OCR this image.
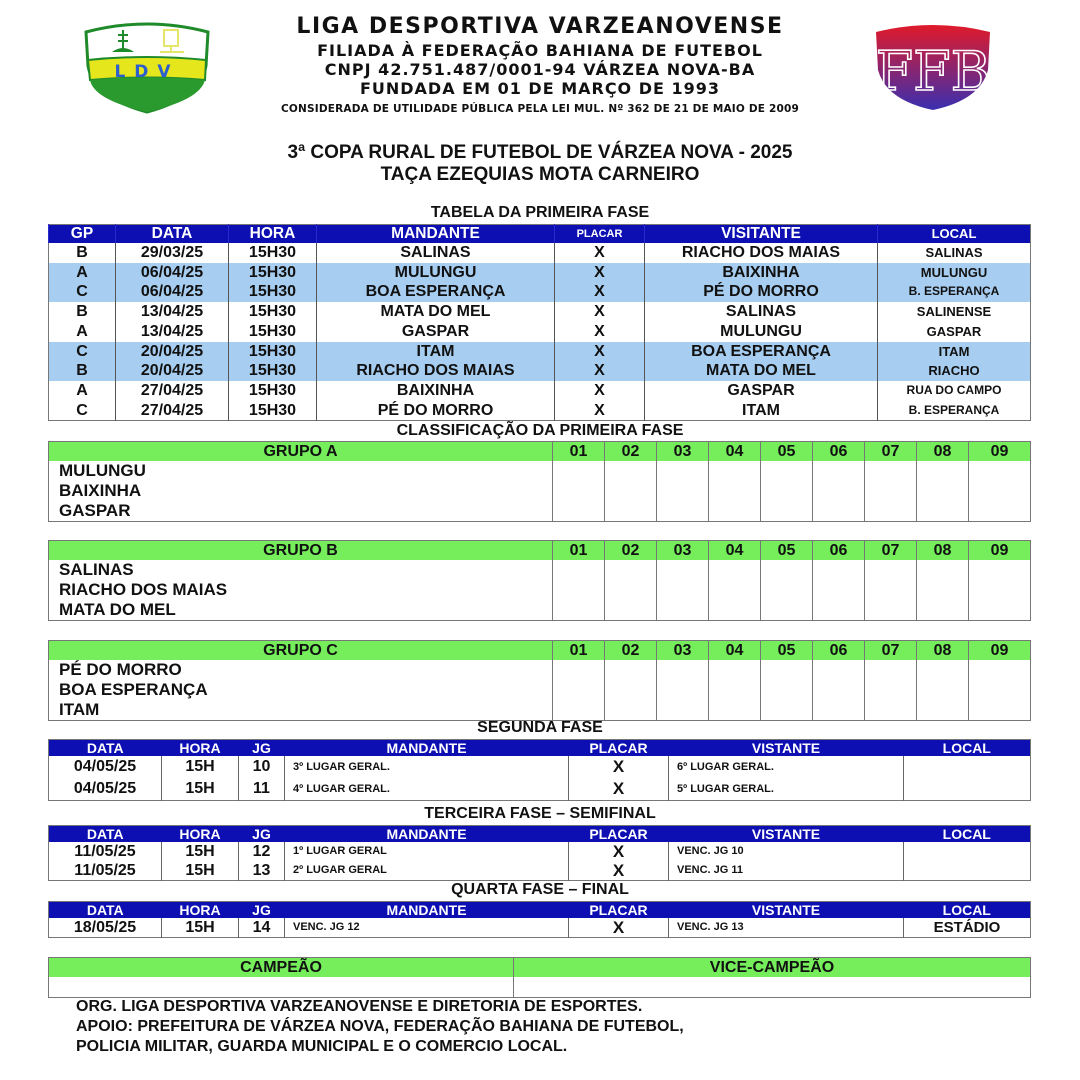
LDV	FFB
LIGA DESPORTIVA VARZEANOVENSE
FILIADA À FEDERAÇÃO BAHIANA DE FUTEBOL
CNPJ 42.751.487/0001-94 VÁRZEA NOVA-BA
FUNDADA EM 01 DE MARÇO DE 1993
CONSIDERADA DE UTILIDADE PÚBLICA PELA LEI MUL. Nº 362 DE 21 DE MAIO DE 2009
3ª COPA RURAL DE FUTEBOL DE VÁRZEA NOVA - 2025
TAÇA EZEQUIAS MOTA CARNEIRO
TABELA DA PRIMEIRA FASE
GP	DATA	HORA	MANDANTE	PLACAR	VISITANTE	LOCAL
B	29/03/25	15H30	SALINAS	X	RIACHO DOS MAIAS	SALINAS
A	06/04/25	15H30	MULUNGU	X	BAIXINHA	MULUNGU
C	06/04/25	15H30	BOA ESPERANÇA	X	PÉ DO MORRO	B. ESPERANÇA
B	13/04/25	15H30	MATA DO MEL	X	SALINAS	SALINENSE
A	13/04/25	15H30	GASPAR	X	MULUNGU	GASPAR
C	20/04/25	15H30	ITAM	X	BOA ESPERANÇA	ITAM
B	20/04/25	15H30	RIACHO DOS MAIAS	X	MATA DO MEL	RIACHO
A	27/04/25	15H30	BAIXINHA	X	GASPAR	RUA DO CAMPO
C	27/04/25	15H30	PÉ DO MORRO	X	ITAM	B. ESPERANÇA
CLASSIFICAÇÃO DA PRIMEIRA FASE
GRUPO A	01	02	03	04	05	06	07	08	09

MULUNGU
BAIXINHA
GASPAR									

GRUPO B	01	02	03	04	05	06	07	08	09

SALINAS
RIACHO DOS MAIAS
MATA DO MEL									

GRUPO C	01	02	03	04	05	06	07	08	09

PÉ DO MORRO
BOA ESPERANÇA
ITAM									

SEGUNDA FASE
DATA	HORA	JG	MANDANTE	PLACAR	VISTANTE	LOCAL
04/05/25	15H	10	3º LUGAR GERAL.	X	6º LUGAR GERAL.	
04/05/25	15H	11	4º LUGAR GERAL.	X	5º LUGAR GERAL.	
TERCEIRA FASE – SEMIFINAL
DATA	HORA	JG	MANDANTE	PLACAR	VISTANTE	LOCAL
11/05/25	15H	12	1º LUGAR GERAL	X	VENC. JG 10	
11/05/25	15H	13	2º LUGAR GERAL	X	VENC. JG 11	
QUARTA FASE – FINAL
DATA	HORA	JG	MANDANTE	PLACAR	VISTANTE	LOCAL
18/05/25	15H	14	VENC. JG 12	X	VENC. JG 13	ESTÁDIO
CAMPEÃO	VICE-CAMPEÃO

ORG. LIGA DESPORTIVA VARZEANOVENSE E DIRETORIA DE ESPORTES.
APOIO: PREFEITURA DE VÁRZEA NOVA, FEDERAÇÃO BAHIANA DE FUTEBOL,
POLICIA MILITAR, GUARDA MUNICIPAL E O COMERCIO LOCAL.
